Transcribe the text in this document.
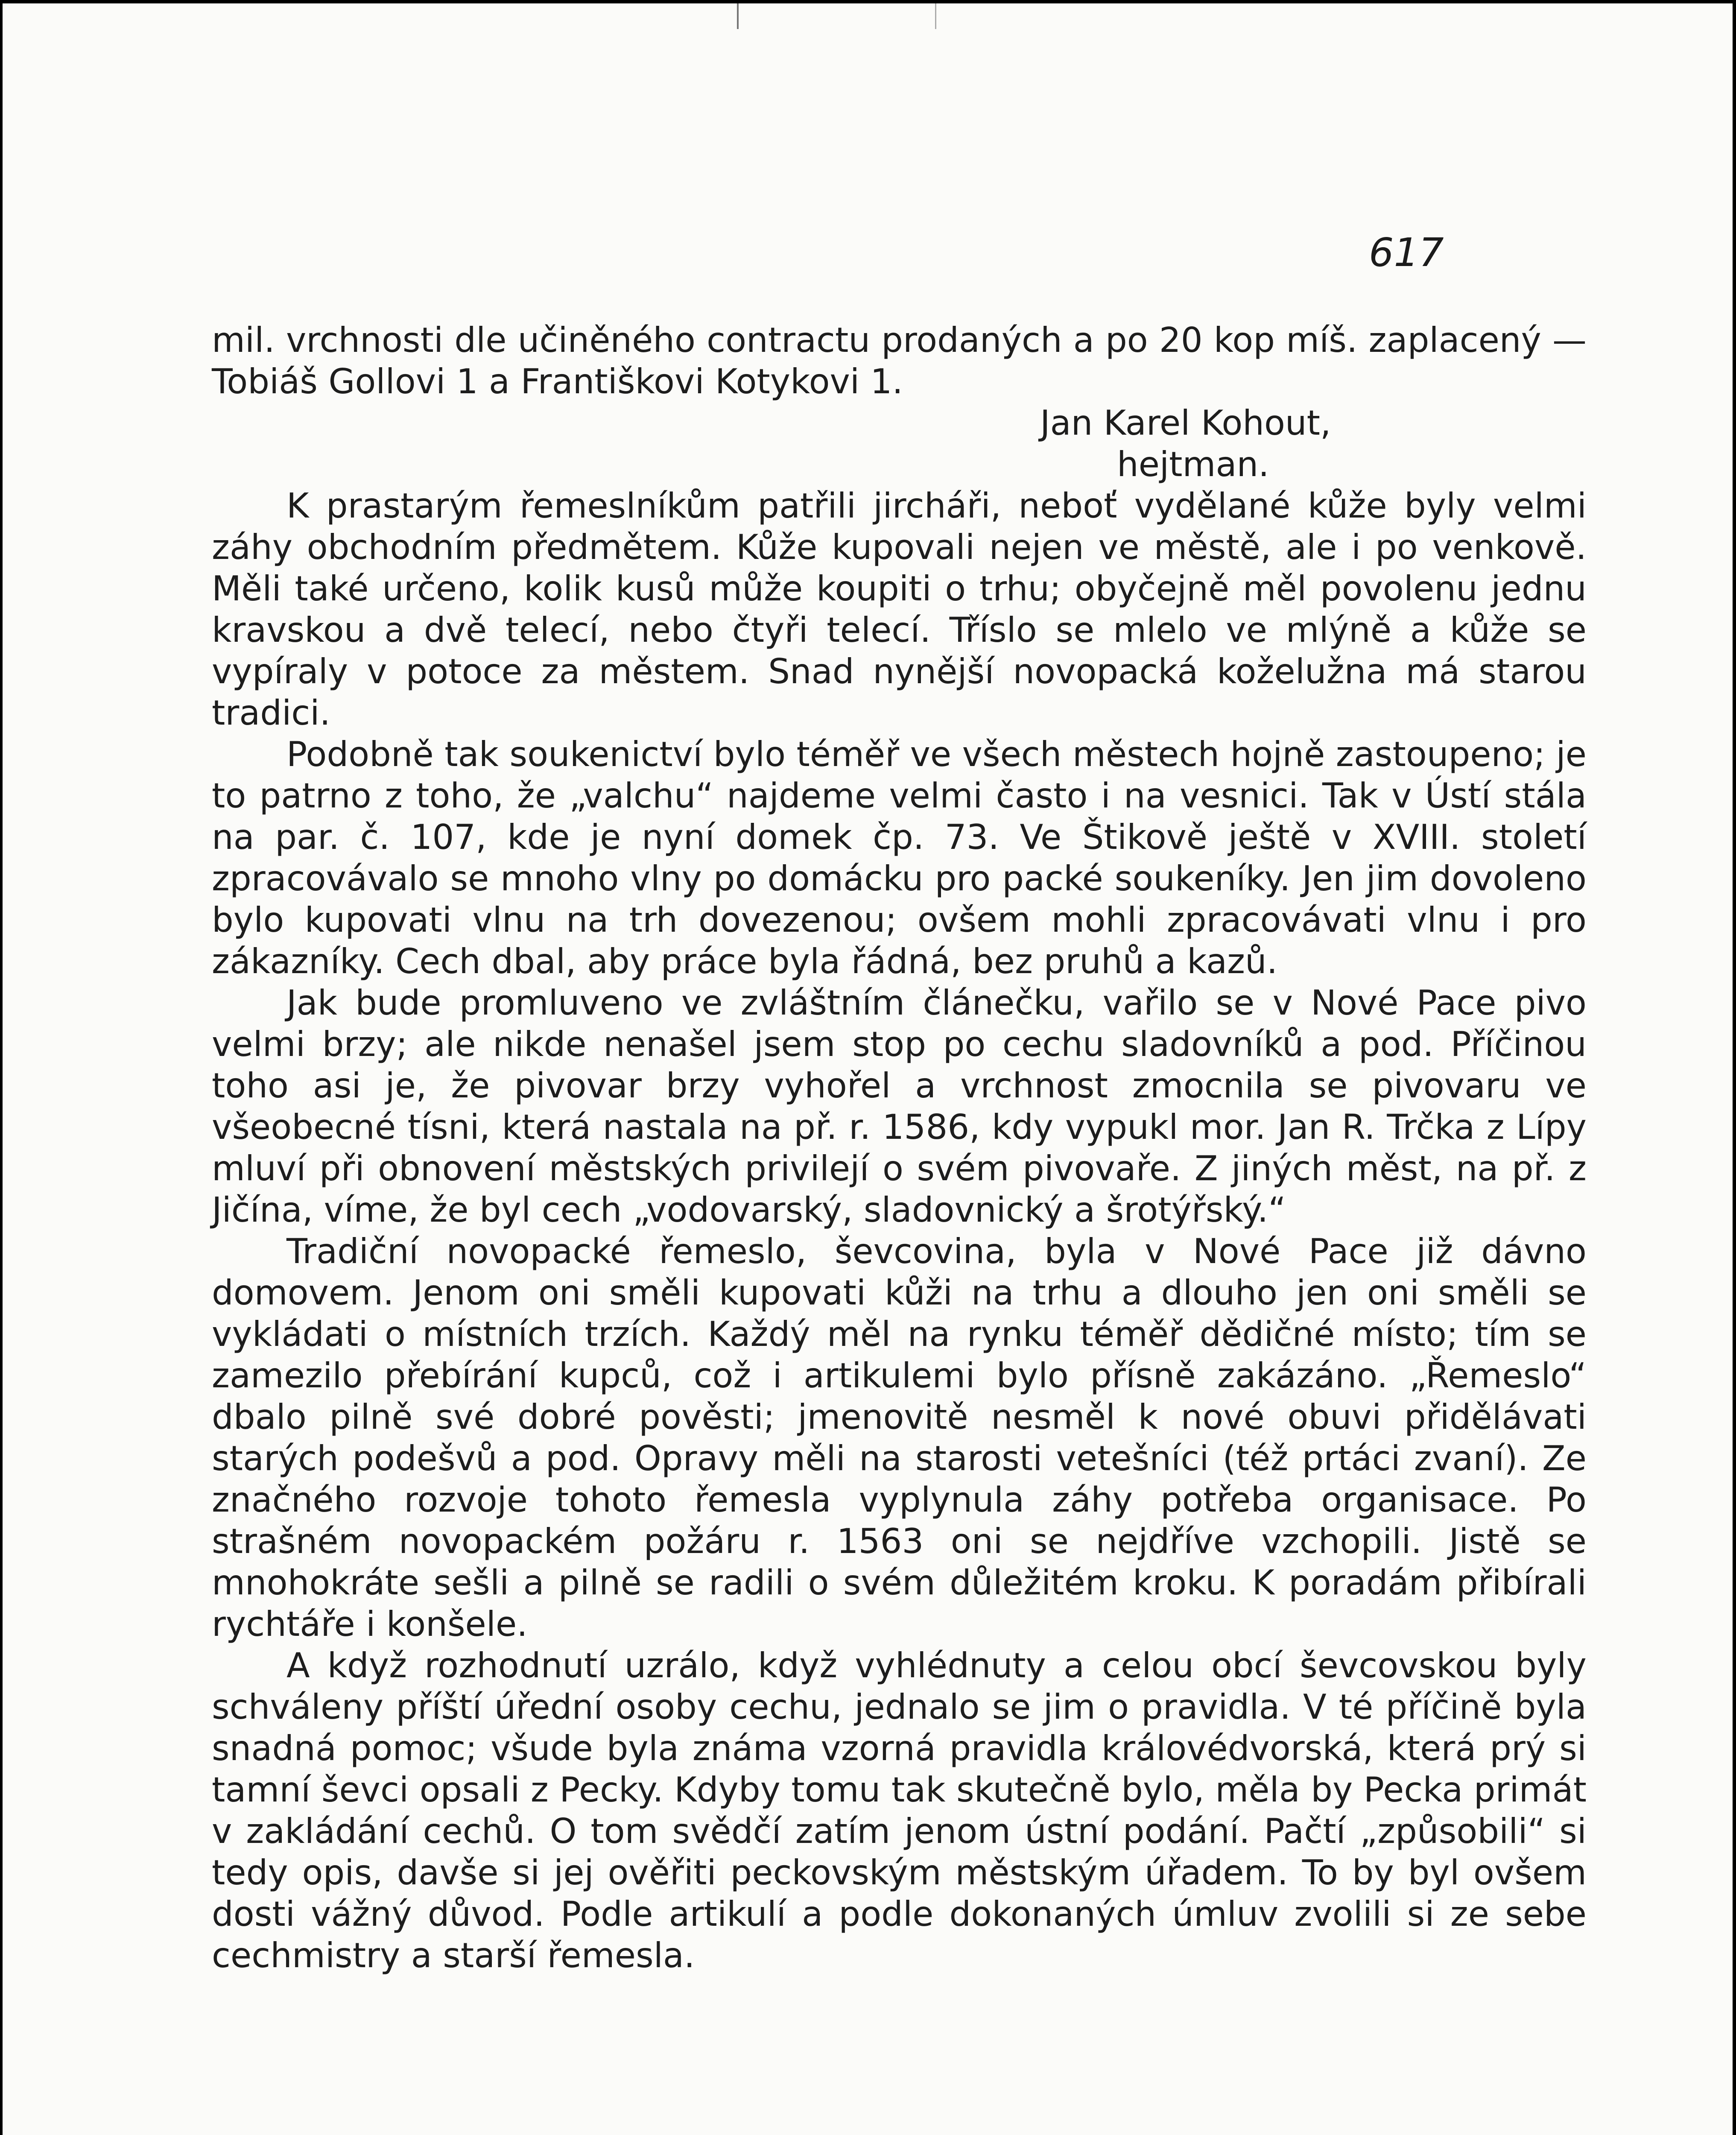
617

mil. vrchnosti dle učiněného contractu prodaných a po 20 kop míš. zaplacený — Tobiáš Gollovi 1 a Františkovi Kotykovi 1.

Jan Karel Kohout,

hejtman.

K prastarým řemeslníkům patřili jircháři, neboť vydělané kůže byly velmi záhy obchodním předmětem. Kůže kupovali nejen ve městě, ale i po venkově. Měli také určeno, kolik kusů může koupiti o trhu; obyčejně měl povolenu jednu kravskou a dvě telecí, nebo čtyři telecí. Tříslo se mlelo ve mlýně a kůže se vypíraly v potoce za městem. Snad nynější novopacká koželužna má starou tradici.

Podobně tak soukenictví bylo téměř ve všech městech hojně zastoupeno; je to patrno z toho, že „valchu“ najdeme velmi často i na vesnici. Tak v Ústí stála na par. č. 107, kde je nyní domek čp. 73. Ve Štikově ještě v XVIII. století zpracovávalo se mnoho vlny po domácku pro packé soukeníky. Jen jim dovoleno bylo kupovati vlnu na trh dovezenou; ovšem mohli zpracovávati vlnu i pro zákazníky. Cech dbal, aby práce byla řádná, bez pruhů a kazů.

Jak bude promluveno ve zvláštním článečku, vařilo se v Nové Pace pivo velmi brzy; ale nikde nenašel jsem stop po cechu sladovníků a pod. Příčinou toho asi je, že pivovar brzy vyhořel a vrchnost zmocnila se pivovaru ve všeobecné tísni, která nastala na př. r. 1586, kdy vypukl mor. Jan R. Trčka z Lípy mluví při obnovení městských privilejí o svém pivovaře. Z jiných měst, na př. z Jičína, víme, že byl cech „vodovarský, sladovnický a šrotýřský.“

Tradiční novopacké řemeslo, ševcovina, byla v Nové Pace již dávno domovem. Jenom oni směli kupovati kůži na trhu a dlouho jen oni směli se vykládati o místních trzích. Každý měl na rynku téměř dědičné místo; tím se zamezilo přebírání kupců, což i artikulemi bylo přísně zakázáno. „Řemeslo“ dbalo pilně své dobré pověsti; jmenovitě nesměl k nové obuvi přidělávati starých podešvů a pod. Opravy měli na starosti vetešníci (též prtáci zvaní). Ze značného rozvoje tohoto řemesla vyplynula záhy potřeba organisace. Po strašném novopackém požáru r. 1563 oni se nejdříve vzchopili. Jistě se mnohokráte sešli a pilně se radili o svém důležitém kroku. K poradám přibírali rychtáře i konšele.

A když rozhodnutí uzrálo, když vyhlédnuty a celou obcí ševcovskou byly schváleny příští úřední osoby cechu, jednalo se jim o pravidla. V té příčině byla snadná pomoc; všude byla známa vzorná pravidla královédvorská, která prý si tamní ševci opsali z Pecky. Kdyby tomu tak skutečně bylo, měla by Pecka primát v zakládání cechů. O tom svědčí zatím jenom ústní podání. Pačtí „způsobili“ si tedy opis, davše si jej ověřiti peckovským městským úřadem. To by byl ovšem dosti vážný důvod. Podle artikulí a podle dokonaných úmluv zvolili si ze sebe cechmistry a starší řemesla.
